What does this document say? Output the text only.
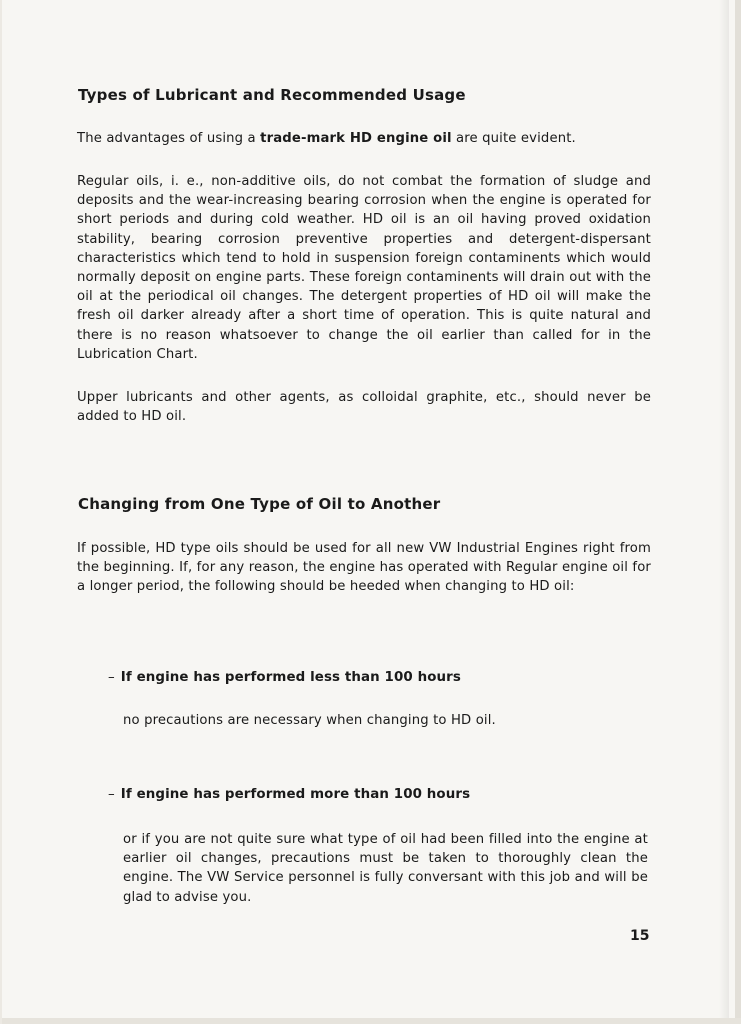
Types of Lubricant and Recommended Usage

The advantages of using a trade-mark HD engine oil are quite evident.

Regular oils, i. e., non-additive oils, do not combat the formation of sludge and deposits and the wear-increasing bearing corrosion when the engine is operated for short periods and during cold weather. HD oil is an oil having proved oxidation stability, bearing corrosion preventive properties and detergent-dispersant characteristics which tend to hold in suspension foreign contaminents which would normally deposit on engine parts. These foreign contaminents will drain out with the oil at the periodical oil changes. The detergent properties of HD oil will make the fresh oil darker already after a short time of operation. This is quite natural and there is no reason whatsoever to change the oil earlier than called for in the Lubrication Chart.

Upper lubricants and other agents, as colloidal graphite, etc., should never be added to HD oil.

Changing from One Type of Oil to Another

If possible, HD type oils should be used for all new VW Industrial Engines right from the beginning. If, for any reason, the engine has operated with Regular engine oil for a longer period, the following should be heeded when changing to HD oil:

– If engine has performed less than 100 hours

no precautions are necessary when changing to HD oil.

– If engine has performed more than 100 hours

or if you are not quite sure what type of oil had been filled into the engine at earlier oil changes, precautions must be taken to thoroughly clean the engine. The VW Service personnel is fully conversant with this job and will be glad to advise you.

15
